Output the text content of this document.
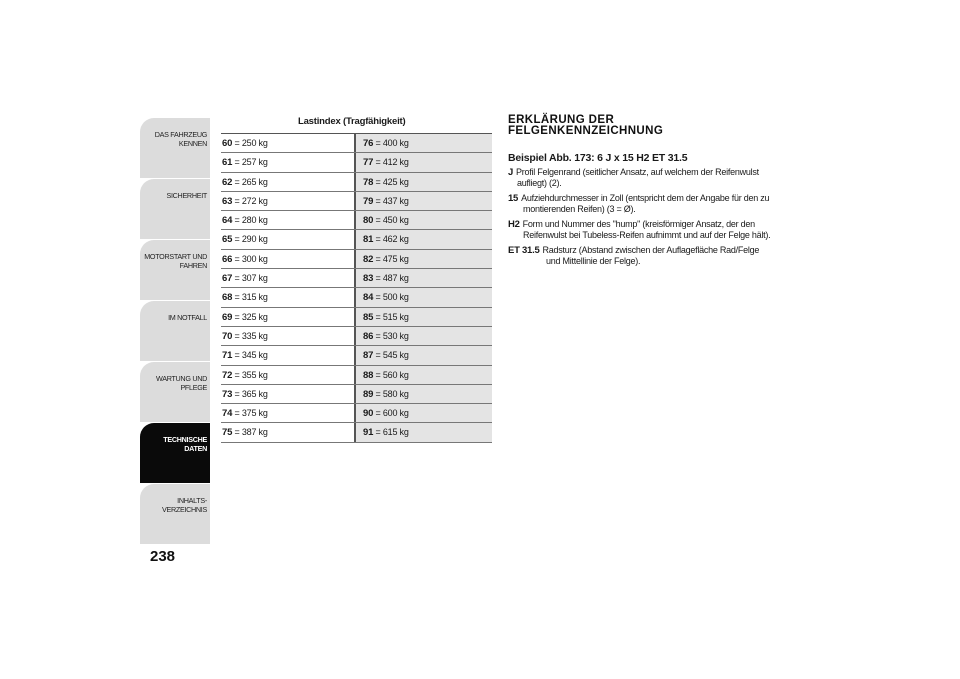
DAS FAHRZEUG
KENNEN
SICHERHEIT
MOTORSTART UND
FAHREN
IM NOTFALL
WARTUNG UND
PFLEGE
TECHNISCHE
DATEN
INHALTS-
VERZEICHNIS
238
Lastindex (Tragfähigkeit)
60 = 250 kg	76 = 400 kg
61 = 257 kg	77 = 412 kg
62 = 265 kg	78 = 425 kg
63 = 272 kg	79 = 437 kg
64 = 280 kg	80 = 450 kg
65 = 290 kg	81 = 462 kg
66 = 300 kg	82 = 475 kg
67 = 307 kg	83 = 487 kg
68 = 315 kg	84 = 500 kg
69 = 325 kg	85 = 515 kg
70 = 335 kg	86 = 530 kg
71 = 345 kg	87 = 545 kg
72 = 355 kg	88 = 560 kg
73 = 365 kg	89 = 580 kg
74 = 375 kg	90 = 600 kg
75 = 387 kg	91 = 615 kg
ERKLÄRUNG DER
FELGENKENNZEICHNUNG
Beispiel Abb. 173: 6 J x 15 H2 ET 31.5
J Profil Felgenrand (seitlicher Ansatz, auf welchem der Reifenwulst
aufliegt) (2).
15 Aufziehdurchmesser in Zoll (entspricht dem der Angabe für den zu
montierenden Reifen) (3 = Ø).
H2 Form und Nummer des "hump" (kreisförmiger Ansatz, der den
Reifenwulst bei Tubeless-Reifen aufnimmt und auf der Felge hält).
ET 31.5 Radsturz (Abstand zwischen der Auflagefläche Rad/Felge
und Mittellinie der Felge).
